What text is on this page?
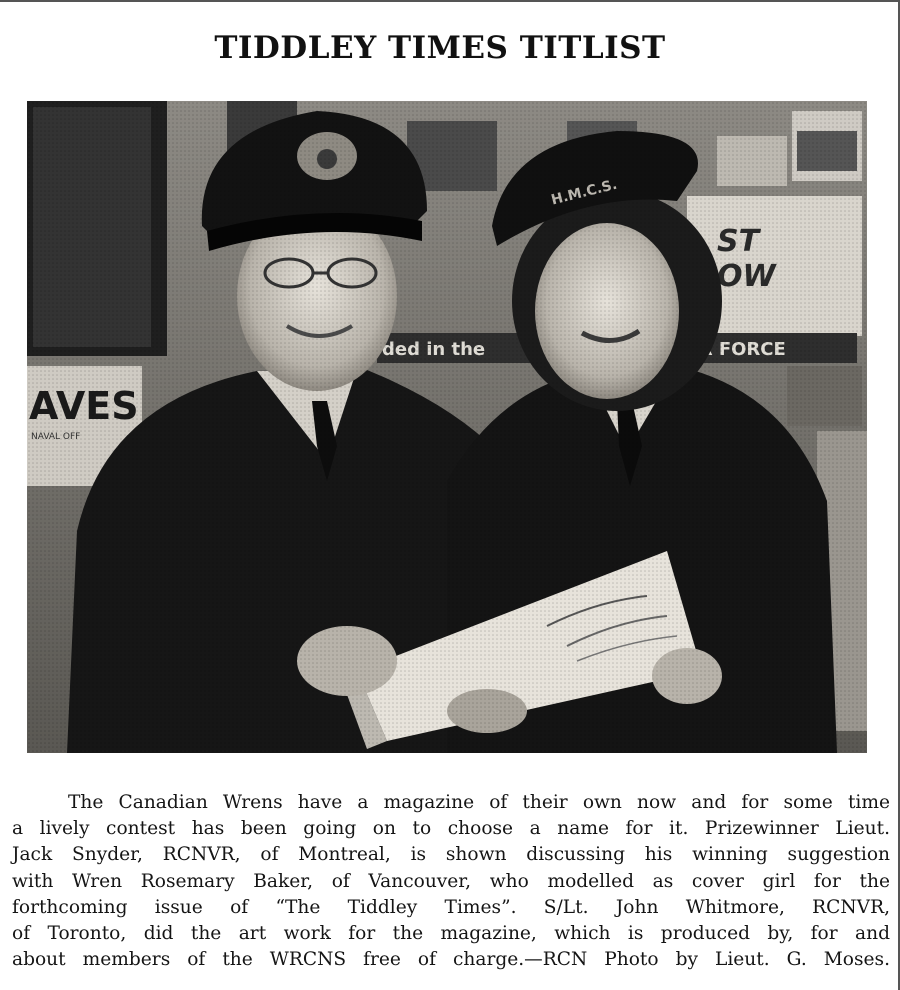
TIDDLEY TIMES TITLIST
The Canadian Wrens have a magazine of their own now and for some time
a lively contest has been going on to choose a name for it. Prizewinner Lieut.
Jack Snyder, RCNVR, of Montreal, is shown discussing his winning suggestion
with Wren Rosemary Baker, of Vancouver, who modelled as cover girl for the
forthcoming issue of “The Tiddley Times”. S/Lt. John Whitmore, RCNVR,
of Toronto, did the art work for the magazine, which is produced by, for and
about members of the WRCNS free of charge.—RCN Photo by Lieut. G. Moses.
